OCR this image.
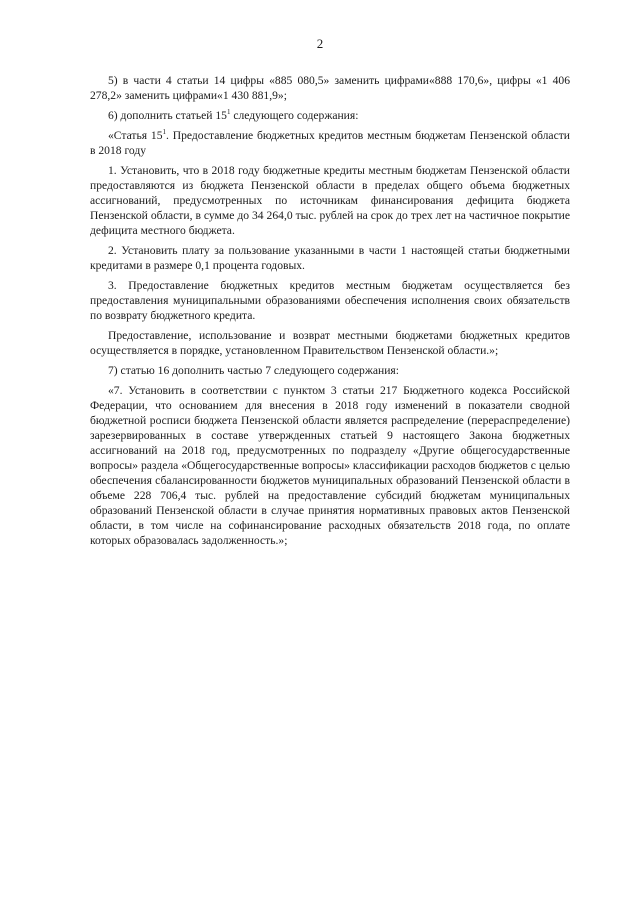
2

5) в части 4 статьи 14 цифры «885 080,5» заменить цифрами«888 170,6», цифры «1 406 278,2» заменить цифрами«1 430 881,9»;

6) дополнить статьей $15^1$ следующего содержания:

«Статья $15^1$. Предоставление бюджетных кредитов местным бюджетам Пензенской области в 2018 году

1. Установить, что в 2018 году бюджетные кредиты местным бюджетам Пензенской области предоставляются из бюджета Пензенской области в пределах общего объема бюджетных ассигнований, предусмотренных по источникам финансирования дефицита бюджета Пензенской области, в сумме до 34 264,0 тыс. рублей на срок до трех лет на частичное покрытие дефицита местного бюджета.

2. Установить плату за пользование указанными в части 1 настоящей статьи бюджетными кредитами в размере 0,1 процента годовых.

3. Предоставление бюджетных кредитов местным бюджетам осуществляется без предоставления муниципальными образованиями обеспечения исполнения своих обязательств по возврату бюджетного кредита.

Предоставление, использование и возврат местными бюджетами бюджетных кредитов осуществляется в порядке, установленном Правительством Пензенской области.»;

7) статью 16 дополнить частью 7 следующего содержания:

«7. Установить в соответствии с пунктом 3 статьи 217 Бюджетного кодекса Российской Федерации, что основанием для внесения в 2018 году изменений в показатели сводной бюджетной росписи бюджета Пензенской области является распределение (перераспределение) зарезервированных в составе утвержденных статьей 9 настоящего Закона бюджетных ассигнований на 2018 год, предусмотренных по подразделу «Другие общегосударственные вопросы» раздела «Общегосударственные вопросы» классификации расходов бюджетов с целью обеспечения сбалансированности бюджетов муниципальных образований Пензенской области в объеме 228 706,4 тыс. рублей на предоставление субсидий бюджетам муниципальных образований Пензенской области в случае принятия нормативных правовых актов Пензенской области, в том числе на софинансирование расходных обязательств 2018 года, по оплате которых образовалась задолженность.»;
